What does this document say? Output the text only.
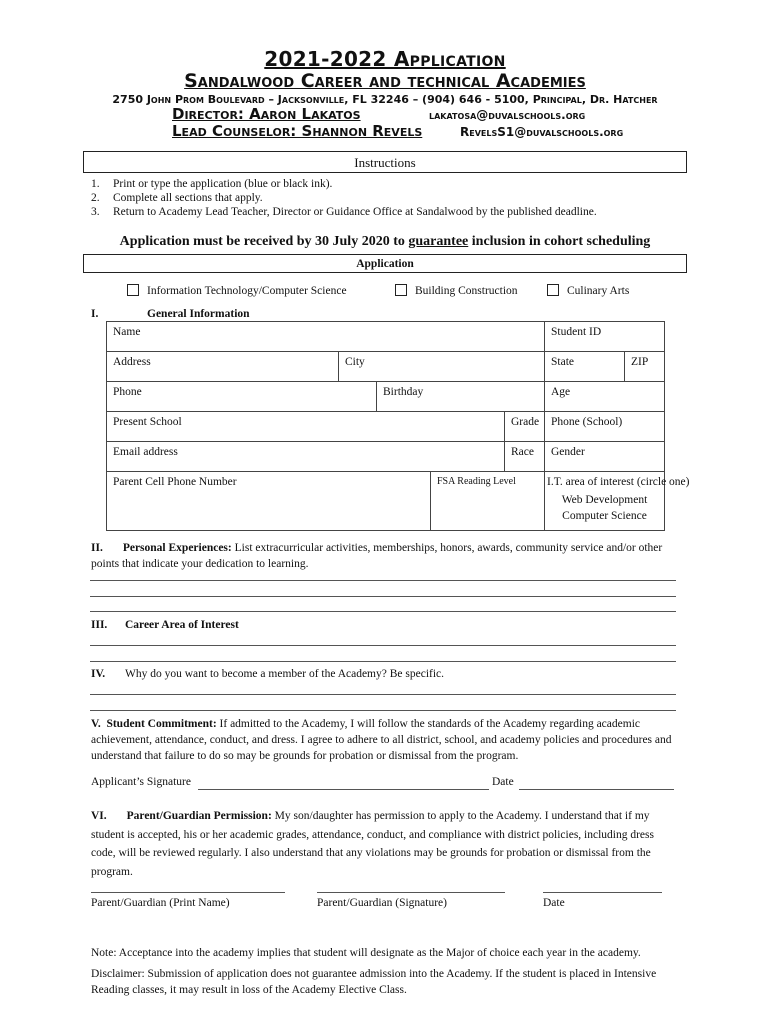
2021-2022 Application
Sandalwood Career and technical Academies
2750 John Prom Boulevard – Jacksonville, FL 32246 – (904) 646 - 5100, Principal, Dr. Hatcher
Director: Aaron Lakatos	lakatosa@duvalschools.org
Lead Counselor: Shannon Revels	RevelsS1@duvalschools.org
Instructions
1. Print or type the application (blue or black ink).
2. Complete all sections that apply.
3. Return to Academy Lead Teacher, Director or Guidance Office at Sandalwood by the published deadline.
Application must be received by 30 July 2020 to guarantee inclusion in cohort scheduling
Application
Information Technology/Computer Science	Building Construction	Culinary Arts
I.	General Information
Name					Student ID	
Address	City				State	ZIP
Phone		Birthday			Age	
Present School				Grade	Phone (School)	
Email address				Race	Gender	
Parent Cell Phone Number			FSA Reading Level		I.T. area of interest (circle one)
Web Development
Computer Science	
II. Personal Experiences: List extracurricular activities, memberships, honors, awards, community service and/or other points that indicate your dedication to learning.
III. Career Area of Interest
IV. Why do you want to become a member of the Academy? Be specific.
V. Student Commitment: If admitted to the Academy, I will follow the standards of the Academy regarding academic achievement, attendance, conduct, and dress. I agree to adhere to all district, school, and academy policies and procedures and understand that failure to do so may be grounds for probation or dismissal from the program.
Applicant’s Signature	Date
VI. Parent/Guardian Permission: My son/daughter has permission to apply to the Academy. I understand that if my student is accepted, his or her academic grades, attendance, conduct, and compliance with district policies, including dress code, will be reviewed regularly. I also understand that any violations may be grounds for probation or dismissal from the program.
Parent/Guardian (Print Name)	Parent/Guardian (Signature)	Date
Note: Acceptance into the academy implies that student will designate as the Major of choice each year in the academy.
Disclaimer: Submission of application does not guarantee admission into the Academy. If the student is placed in Intensive Reading classes, it may result in loss of the Academy Elective Class.
